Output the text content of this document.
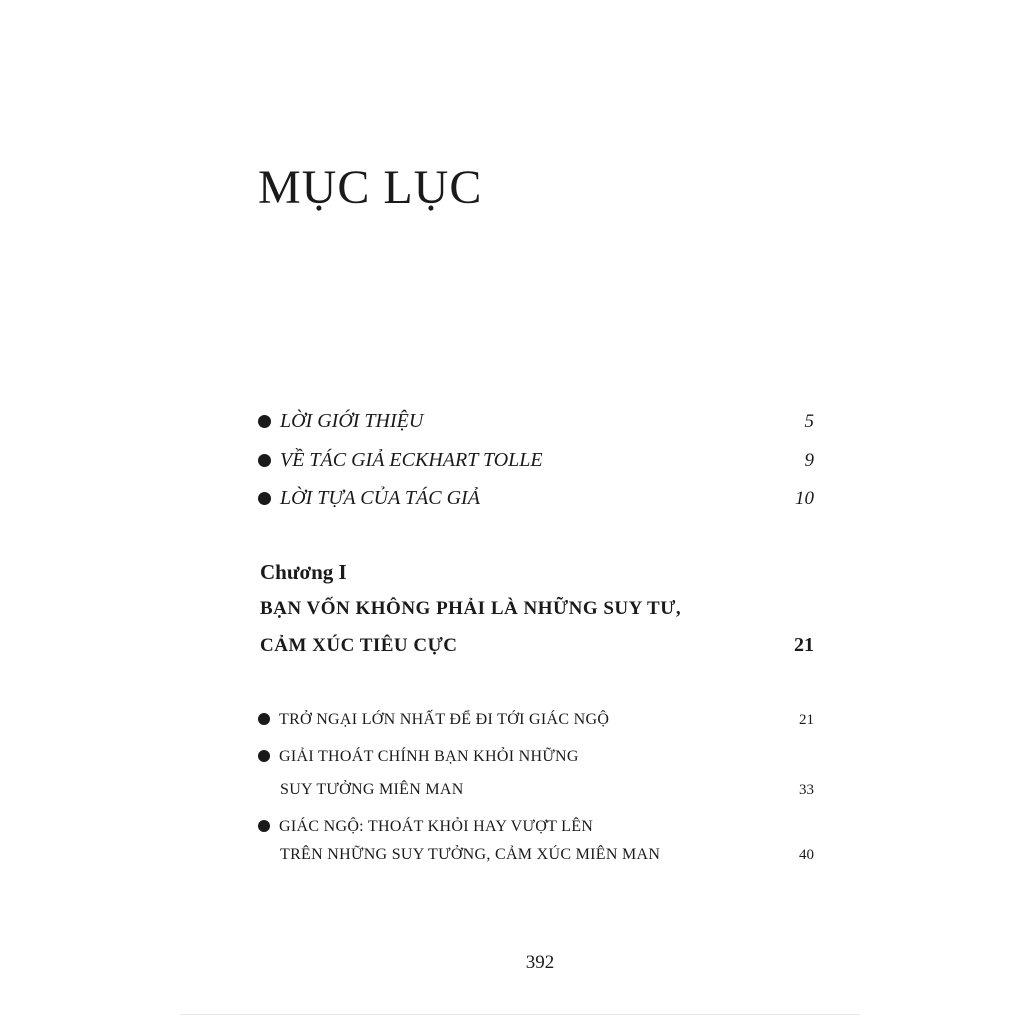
MỤC LỤC
LỜI GIỚI THIỆU	5
VỀ TÁC GIẢ ECKHART TOLLE	9
LỜI TỰA CỦA TÁC GIẢ	10

Chương I

BẠN VỐN KHÔNG PHẢI LÀ NHỮNG SUY TƯ,

CẢM XÚC TIÊU CỰC	21
TRỞ NGẠI LỚN NHẤT ĐỂ ĐI TỚI GIÁC NGỘ	21
GIẢI THOÁT CHÍNH BẠN KHỎI NHỮNG
SUY TƯỞNG MIÊN MAN	33
GIÁC NGỘ: THOÁT KHỎI HAY VƯỢT LÊN
TRÊN NHỮNG SUY TƯỞNG, CẢM XÚC MIÊN MAN	40
392
